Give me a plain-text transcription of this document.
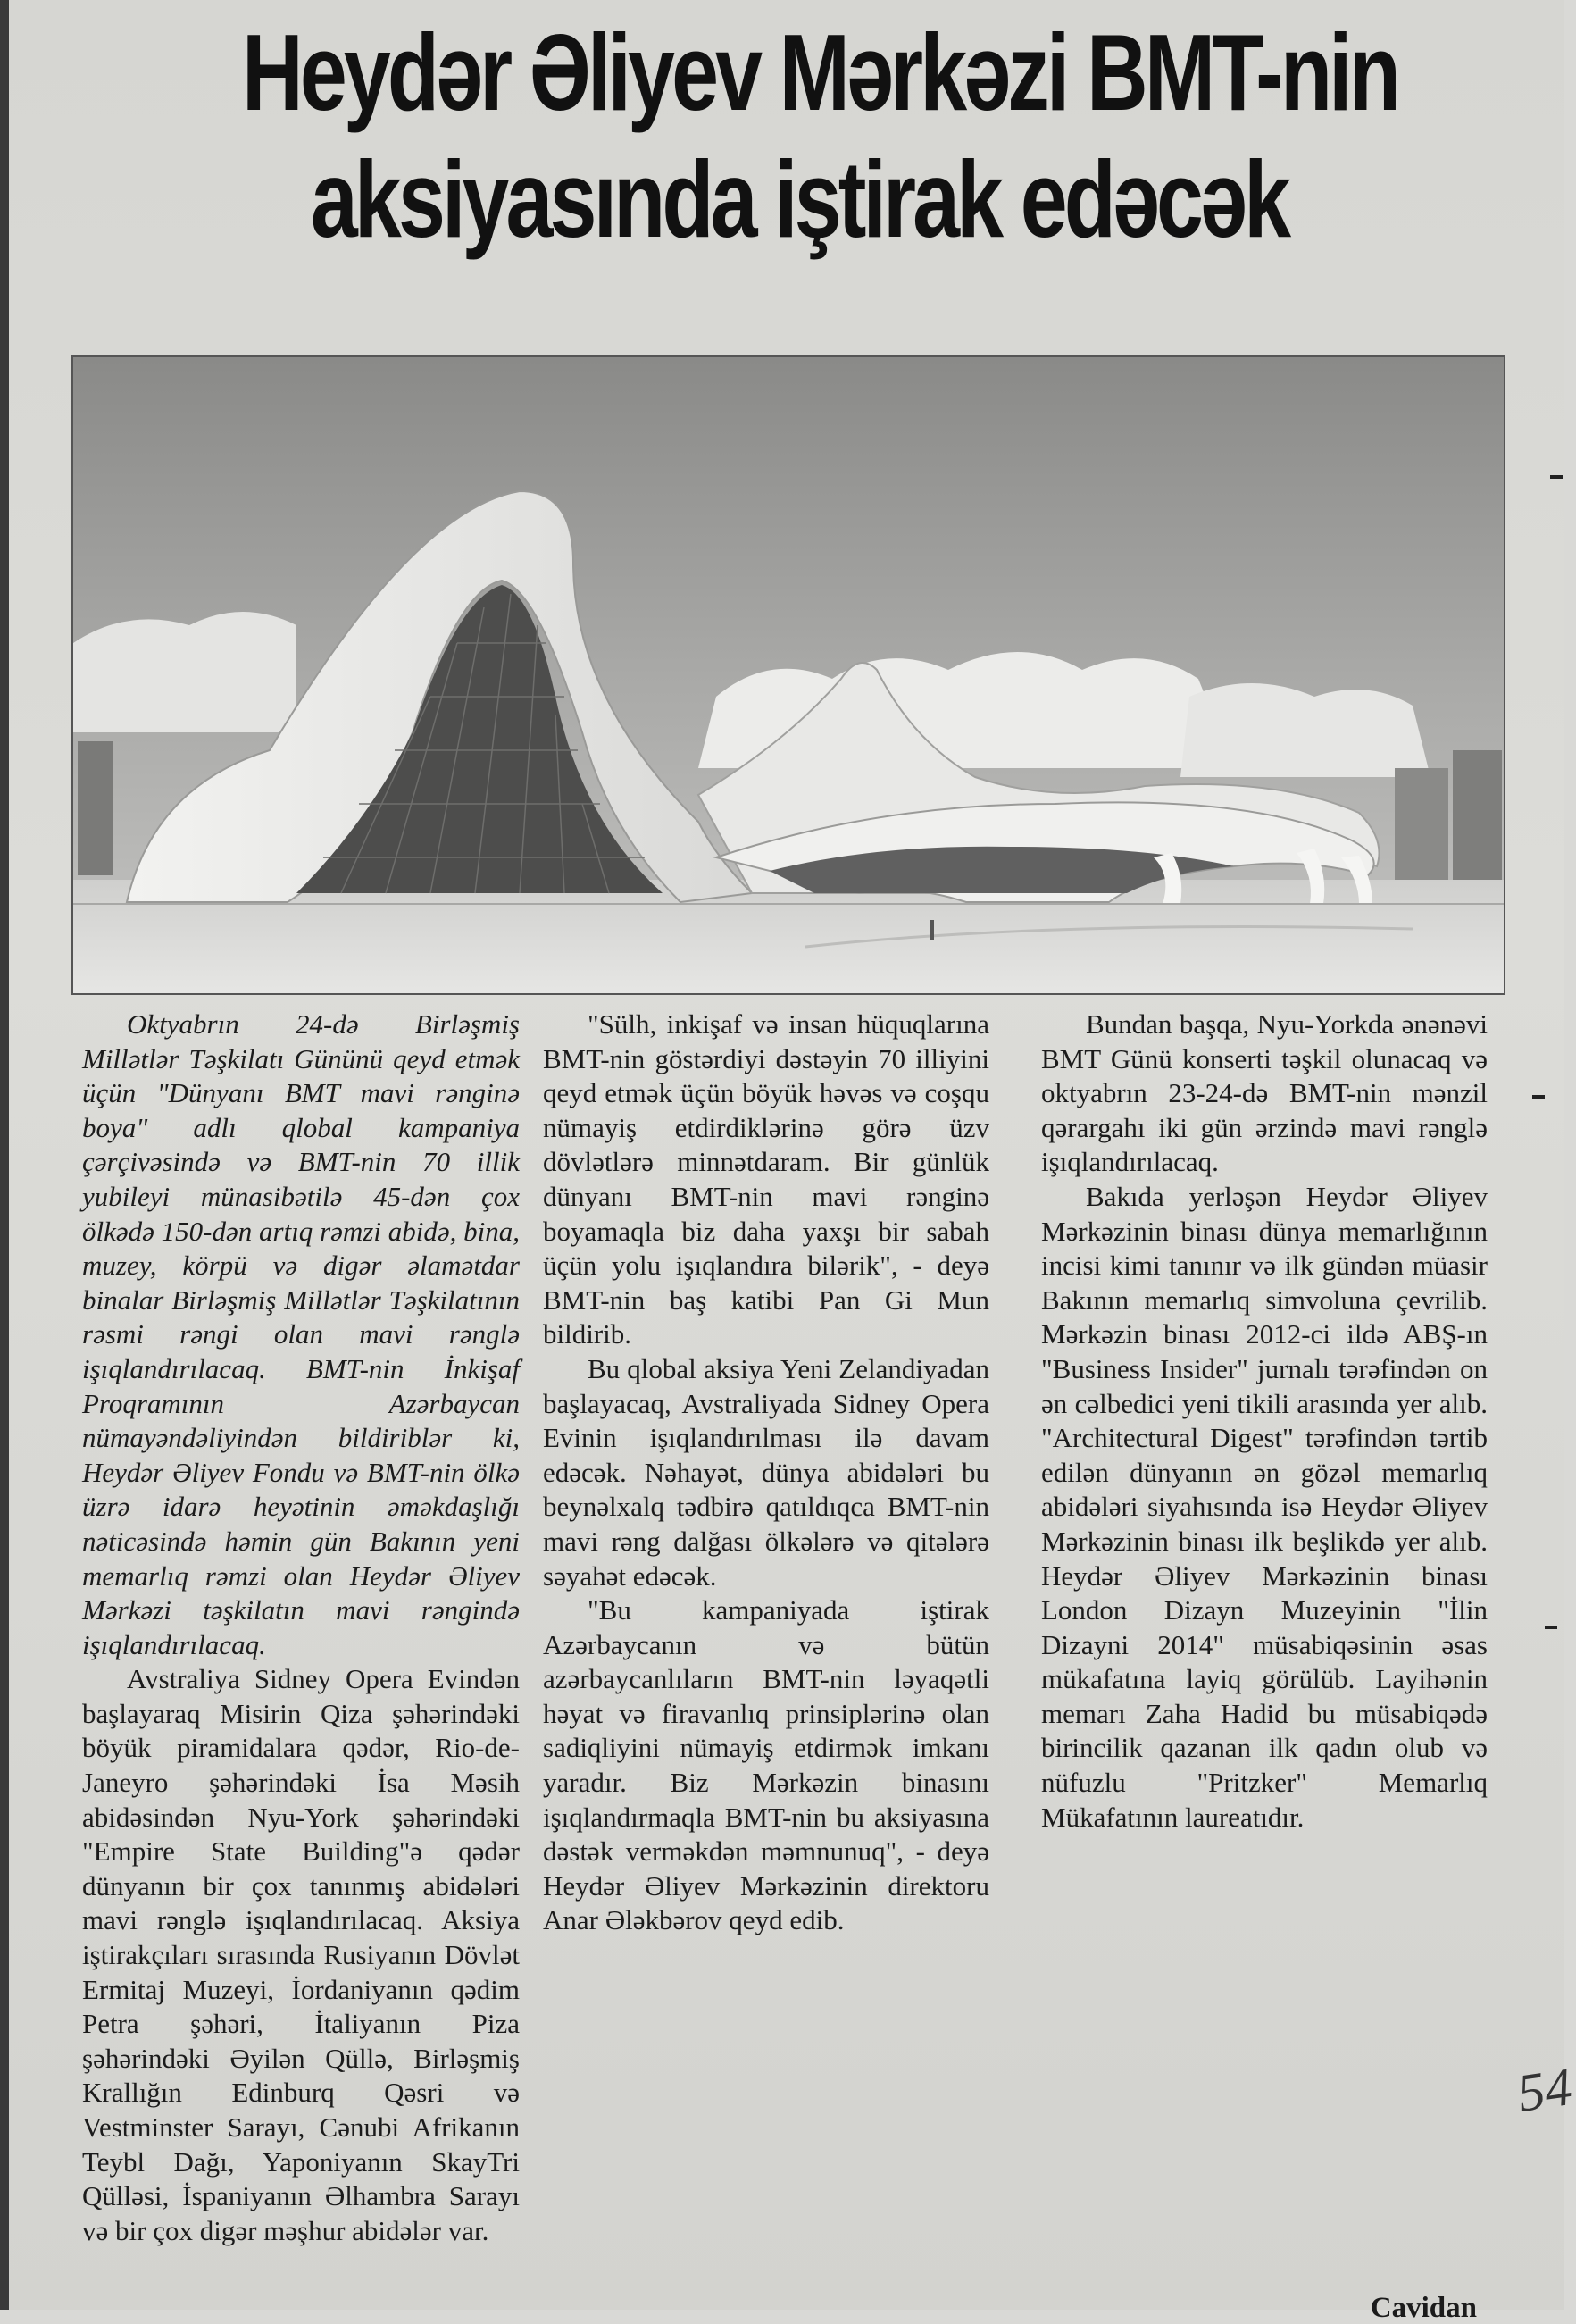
Heydər Əliyev Mərkəzi BMT-nin
aksiyasında iştirak edəcək

Oktyabrın 24-də Birləşmiş Millətlər Təşkilatı Gününü qeyd etmək üçün "Dünyanı BMT mavi rənginə boya" adlı qlobal kampaniya çərçivəsində və BMT-nin 70 illik yubileyi münasibətilə 45-dən çox ölkədə 150-dən artıq rəmzi abidə, bina, muzey, körpü və digər əlamətdar binalar Birləşmiş Millətlər Təşkilatının rəsmi rəngi olan mavi rənglə işıqlandırılacaq. BMT-nin İnkişaf Proqramının Azərbaycan nümayəndəliyindən bildiriblər ki, Heydər Əliyev Fondu və BMT-nin ölkə üzrə idarə heyətinin əməkdaşlığı nəticəsində həmin gün Bakının yeni memarlıq rəmzi olan Heydər Əliyev Mərkəzi təşkilatın mavi rəngində işıqlandırılacaq.

Avstraliya Sidney Opera Evindən başlayaraq Misirin Qiza şəhərindəki böyük piramidalara qədər, Rio-de-Janeyro şəhərindəki İsa Məsih abidəsindən Nyu-York şəhərindəki "Empire State Building"ə qədər dünyanın bir çox tanınmış abidələri mavi rənglə işıqlandırılacaq. Aksiya iştirakçıları sırasında Rusiyanın Dövlət Ermitaj Muzeyi, İordaniyanın qədim Petra şəhəri, İtaliyanın Piza şəhərindəki Əyilən Qüllə, Birləşmiş Krallığın Edinburq Qəsri və Vestminster Sarayı, Cənubi Afrikanın Teybl Dağı, Yaponiyanın SkayTri Qülləsi, İspaniyanın Əlhambra Sarayı və bir çox digər məşhur abidələr var.

"Sülh, inkişaf və insan hüquqlarına BMT-nin göstərdiyi dəstəyin 70 illiyini qeyd etmək üçün böyük həvəs və coşqu nümayiş etdirdiklərinə görə üzv dövlətlərə minnətdaram. Bir günlük dünyanı BMT-nin mavi rənginə boyamaqla biz daha yaxşı bir sabah üçün yolu işıqlandıra bilərik", - deyə BMT-nin baş katibi Pan Gi Mun bildirib.

Bu qlobal aksiya Yeni Zelandiyadan başlayacaq, Avstraliyada Sidney Opera Evinin işıqlandırılması ilə davam edəcək. Nəhayət, dünya abidələri bu beynəlxalq tədbirə qatıldıqca BMT-nin mavi rəng dalğası ölkələrə və qitələrə səyahət edəcək.

"Bu kampaniyada iştirak Azərbaycanın və bütün azərbaycanlıların BMT-nin ləyaqətli həyat və firavanlıq prinsiplərinə olan sadiqliyini nümayiş etdirmək imkanı yaradır. Biz Mərkəzin binasını işıqlandırmaqla BMT-nin bu aksiyasına dəstək verməkdən məmnunuq", - deyə Heydər Əliyev Mərkəzinin direktoru Anar Ələkbərov qeyd edib.

Bundan başqa, Nyu-Yorkda ənənəvi BMT Günü konserti təşkil olunacaq və oktyabrın 23-24-də BMT-nin mənzil qərargahı iki gün ərzində mavi rənglə işıqlandırılacaq.

Bakıda yerləşən Heydər Əliyev Mərkəzinin binası dünya memarlığının incisi kimi tanınır və ilk gündən müasir Bakının memarlıq simvoluna çevrilib. Mərkəzin binası 2012-ci ildə ABŞ-ın "Business Insider" jurnalı tərəfindən on ən cəlbedici yeni tikili arasında yer alıb. "Architectural Digest" tərəfindən tərtib edilən dünyanın ən gözəl memarlıq abidələri siyahısında isə Heydər Əliyev Mərkəzinin binası ilk beşlikdə yer alıb. Heydər Əliyev Mərkəzinin binası London Dizayn Muzeyinin "İlin Dizayni 2014" müsabiqəsinin əsas mükafatına layiq görülüb. Layihənin memarı Zaha Hadid bu müsabiqədə birincilik qazanan ilk qadın olub və nüfuzlu "Pritzker" Memarlıq Mükafatının laureatıdır.

Cavidan
54
